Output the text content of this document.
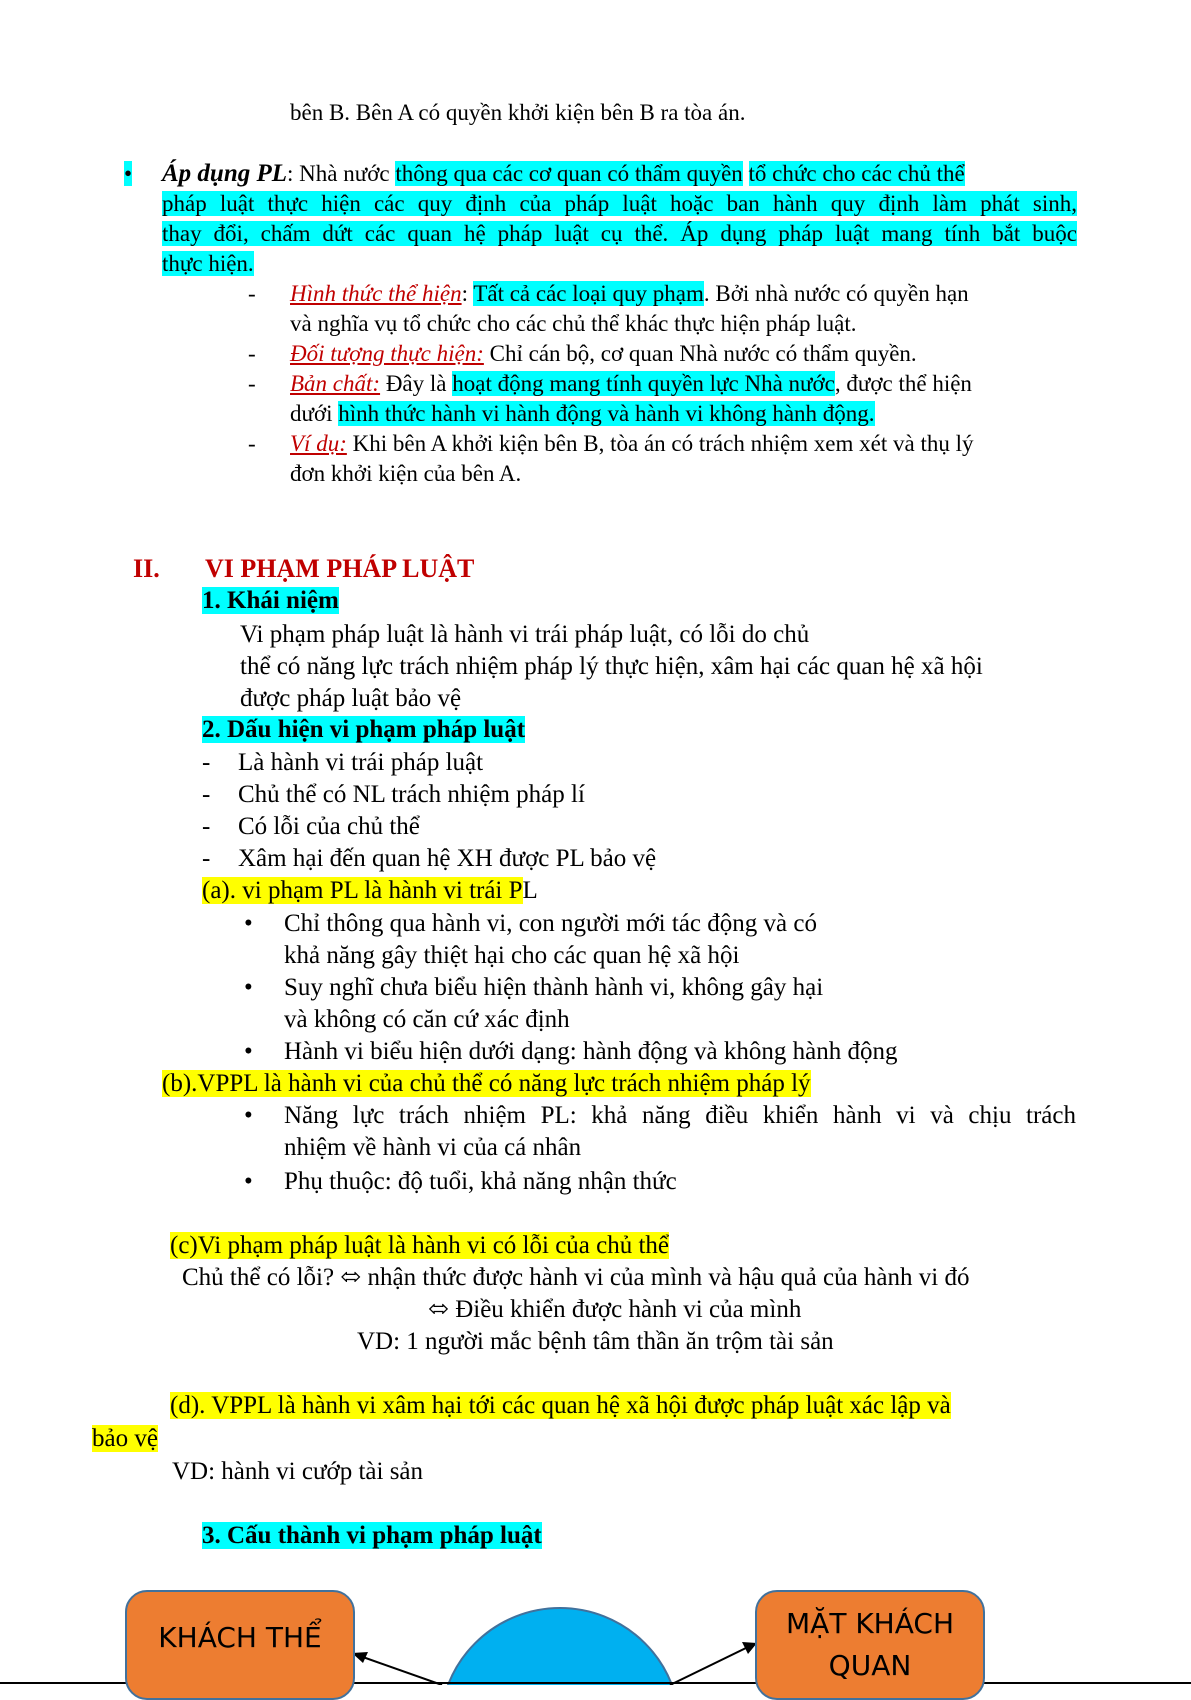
bên B. Bên A có quyền khởi kiện bên B ra tòa án.
• Áp dụng PL: Nhà nước thông qua các cơ quan có thẩm quyền tổ chức cho các chủ thể
pháp luật thực hiện các quy định của pháp luật hoặc ban hành quy định làm phát sinh,
thay đổi, chấm dứt các quan hệ pháp luật cụ thể. Áp dụng pháp luật mang tính bắt buộc
thực hiện.
- Hình thức thể hiện: Tất cả các loại quy phạm. Bởi nhà nước có quyền hạn
và nghĩa vụ tổ chức cho các chủ thể khác thực hiện pháp luật.
- Đối tượng thực hiện: Chỉ cán bộ, cơ quan Nhà nước có thẩm quyền.
- Bản chất: Đây là hoạt động mang tính quyền lực Nhà nước, được thể hiện
dưới hình thức hành vi hành động và hành vi không hành động.
- Ví dụ: Khi bên A khởi kiện bên B, tòa án có trách nhiệm xem xét và thụ lý
đơn khởi kiện của bên A.
II. VI PHẠM PHÁP LUẬT
1. Khái niệm
Vi phạm pháp luật là hành vi trái pháp luật, có lỗi do chủ
thể có năng lực trách nhiệm pháp lý thực hiện, xâm hại các quan hệ xã hội
được pháp luật bảo vệ
2. Dấu hiện vi phạm pháp luật
- Là hành vi trái pháp luật
- Chủ thể có NL trách nhiệm pháp lí
- Có lỗi của chủ thể
- Xâm hại đến quan hệ XH được PL bảo vệ
(a). vi phạm PL là hành vi trái PL
• Chỉ thông qua hành vi, con người mới tác động và có
khả năng gây thiệt hại cho các quan hệ xã hội
• Suy nghĩ chưa biểu hiện thành hành vi, không gây hại
và không có căn cứ xác định
• Hành vi biểu hiện dưới dạng: hành động và không hành động
(b).VPPL là hành vi của chủ thể có năng lực trách nhiệm pháp lý
• Năng lực trách nhiệm PL: khả năng điều khiển hành vi và chịu trách
nhiệm về hành vi của cá nhân
• Phụ thuộc: độ tuổi, khả năng nhận thức
(c)Vi phạm pháp luật là hành vi có lỗi của chủ thể
Chủ thể có lỗi? ⬄ nhận thức được hành vi của mình và hậu quả của hành vi đó
⬄ Điều khiển được hành vi của mình
VD: 1 người mắc bệnh tâm thần ăn trộm tài sản
(d). VPPL là hành vi xâm hại tới các quan hệ xã hội được pháp luật xác lập và
bảo vệ
VD: hành vi cướp tài sản
3. Cấu thành vi phạm pháp luật
KHÁCH THỂ	MẶT KHÁCH
QUAN
